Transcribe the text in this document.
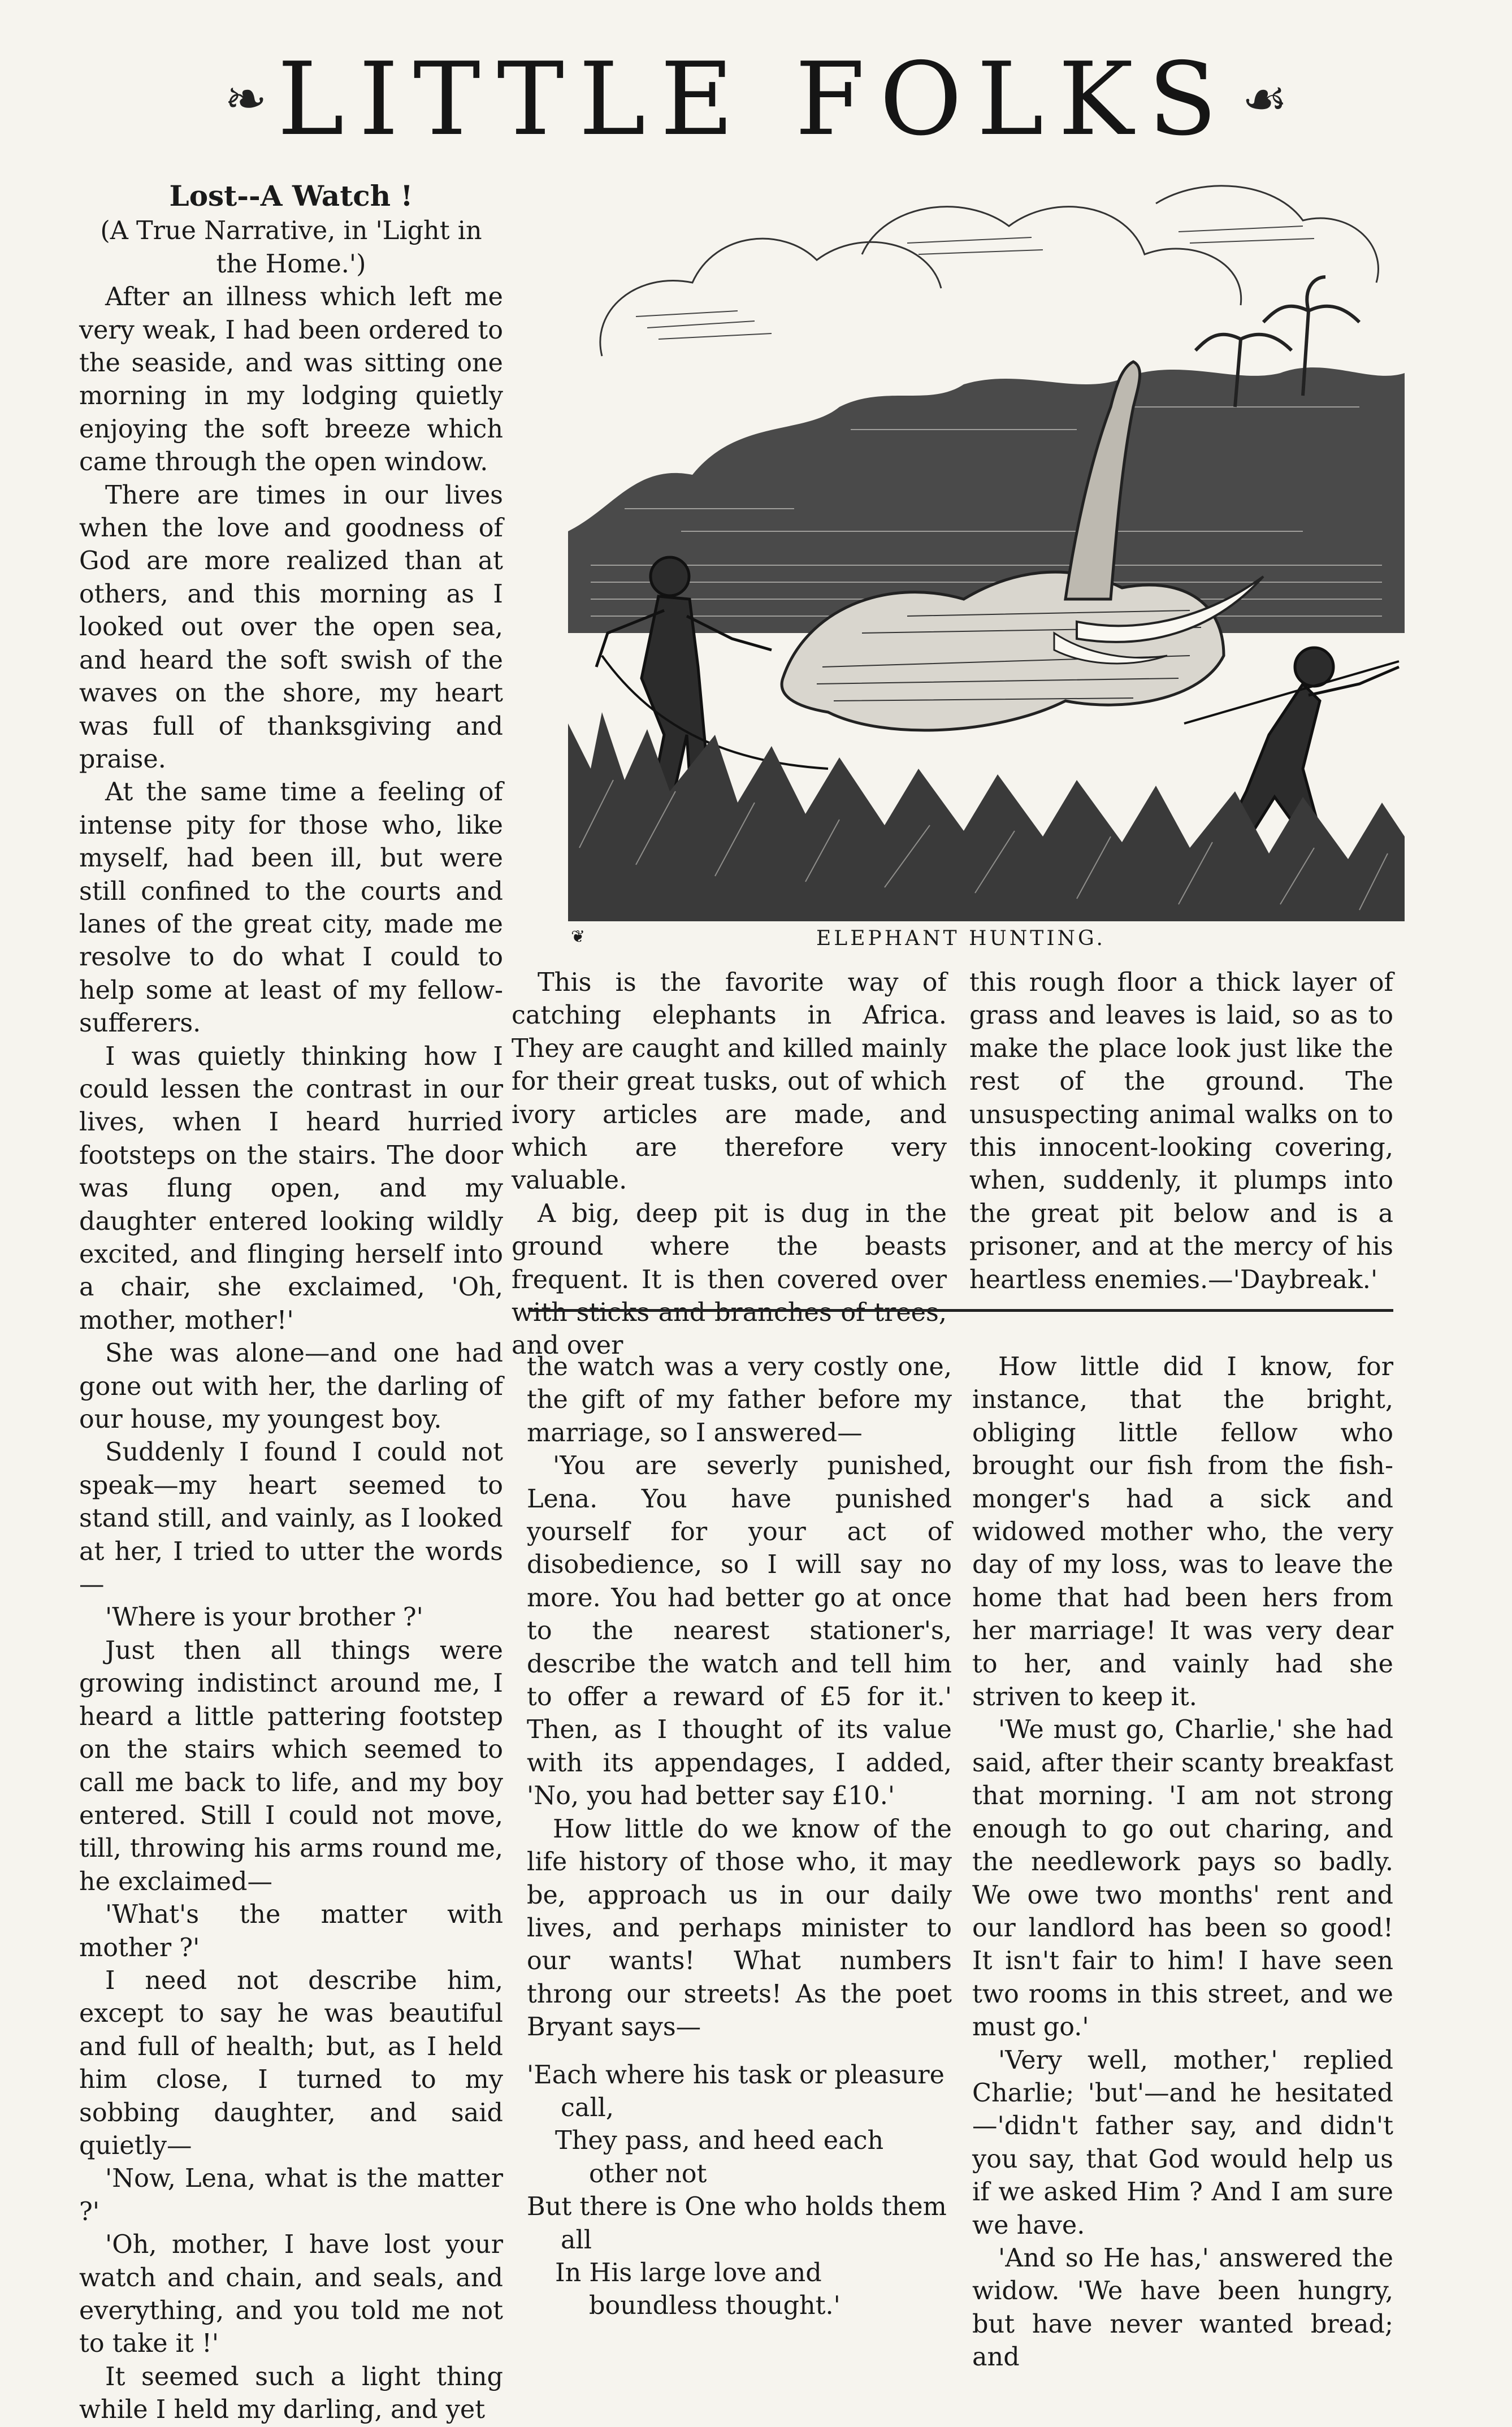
❧ LITTLE FOLKS ☙

Lost--A Watch !

(A True Narrative, in 'Light in the Home.')

After an illness which left me very weak, I had been ordered to the seaside, and was sitting one morning in my lodging quietly enjoying the soft breeze which came through the open window.

There are times in our lives when the love and goodness of God are more realized than at others, and this morning as I looked out over the open sea, and heard the soft swish of the waves on the shore, my heart was full of thanksgiving and praise.

At the same time a feeling of intense pity for those who, like myself, had been ill, but were still confined to the courts and lanes of the great city, made me resolve to do what I could to help some at least of my fellow-sufferers.

I was quietly thinking how I could lessen the contrast in our lives, when I heard hurried footsteps on the stairs. The door was flung open, and my daughter entered looking wildly excited, and flinging herself into a chair, she exclaimed, 'Oh, mother, mother!'

She was alone—and one had gone out with her, the darling of our house, my youngest boy.

Suddenly I found I could not speak—my heart seemed to stand still, and vainly, as I looked at her, I tried to utter the words—

'Where is your brother ?'

Just then all things were growing indistinct around me, I heard a little pattering footstep on the stairs which seemed to call me back to life, and my boy entered. Still I could not move, till, throwing his arms round me, he exclaimed—

'What's the matter with mother ?'

I need not describe him, except to say he was beautiful and full of health; but, as I held him close, I turned to my sobbing daughter, and said quietly—

'Now, Lena, what is the matter ?'

'Oh, mother, I have lost your watch and chain, and seals, and everything, and you told me not to take it !'

It seemed such a light thing while I held my darling, and yet

❦	ELEPHANT HUNTING.

This is the favorite way of catching elephants in Africa. They are caught and killed mainly for their great tusks, out of which ivory articles are made, and which are therefore very valuable.

A big, deep pit is dug in the ground where the beasts frequent. It is then covered over with sticks and branches of trees, and over

this rough floor a thick layer of grass and leaves is laid, so as to make the place look just like the rest of the ground. The unsuspecting animal walks on to this innocent-looking covering, when, suddenly, it plumps into the great pit below and is a prisoner, and at the mercy of his heartless enemies.—'Daybreak.'

the watch was a very costly one, the gift of my father before my marriage, so I answered—

'You are severly punished, Lena. You have punished yourself for your act of disobedience, so I will say no more. You had better go at once to the nearest stationer's, describe the watch and tell him to offer a reward of £5 for it.' Then, as I thought of its value with its appendages, I added, 'No, you had better say £10.'

How little do we know of the life history of those who, it may be, approach us in our daily lives, and perhaps minister to our wants! What numbers throng our streets! As the poet Bryant says—

'Each where his task or pleasure call,

They pass, and heed each other not

But there is One who holds them all

In His large love and boundless thought.'

How little did I know, for instance, that the bright, obliging little fellow who brought our fish from the fish-monger's had a sick and widowed mother who, the very day of my loss, was to leave the home that had been hers from her marriage! It was very dear to her, and vainly had she striven to keep it.

'We must go, Charlie,' she had said, after their scanty breakfast that morning. 'I am not strong enough to go out charing, and the needlework pays so badly. We owe two months' rent and our landlord has been so good! It isn't fair to him! I have seen two rooms in this street, and we must go.'

'Very well, mother,' replied Charlie; 'but'—and he hesitated—'didn't father say, and didn't you say, that God would help us if we asked Him ? And I am sure we have.

'And so He has,' answered the widow. 'We have been hungry, but have never wanted bread; and
